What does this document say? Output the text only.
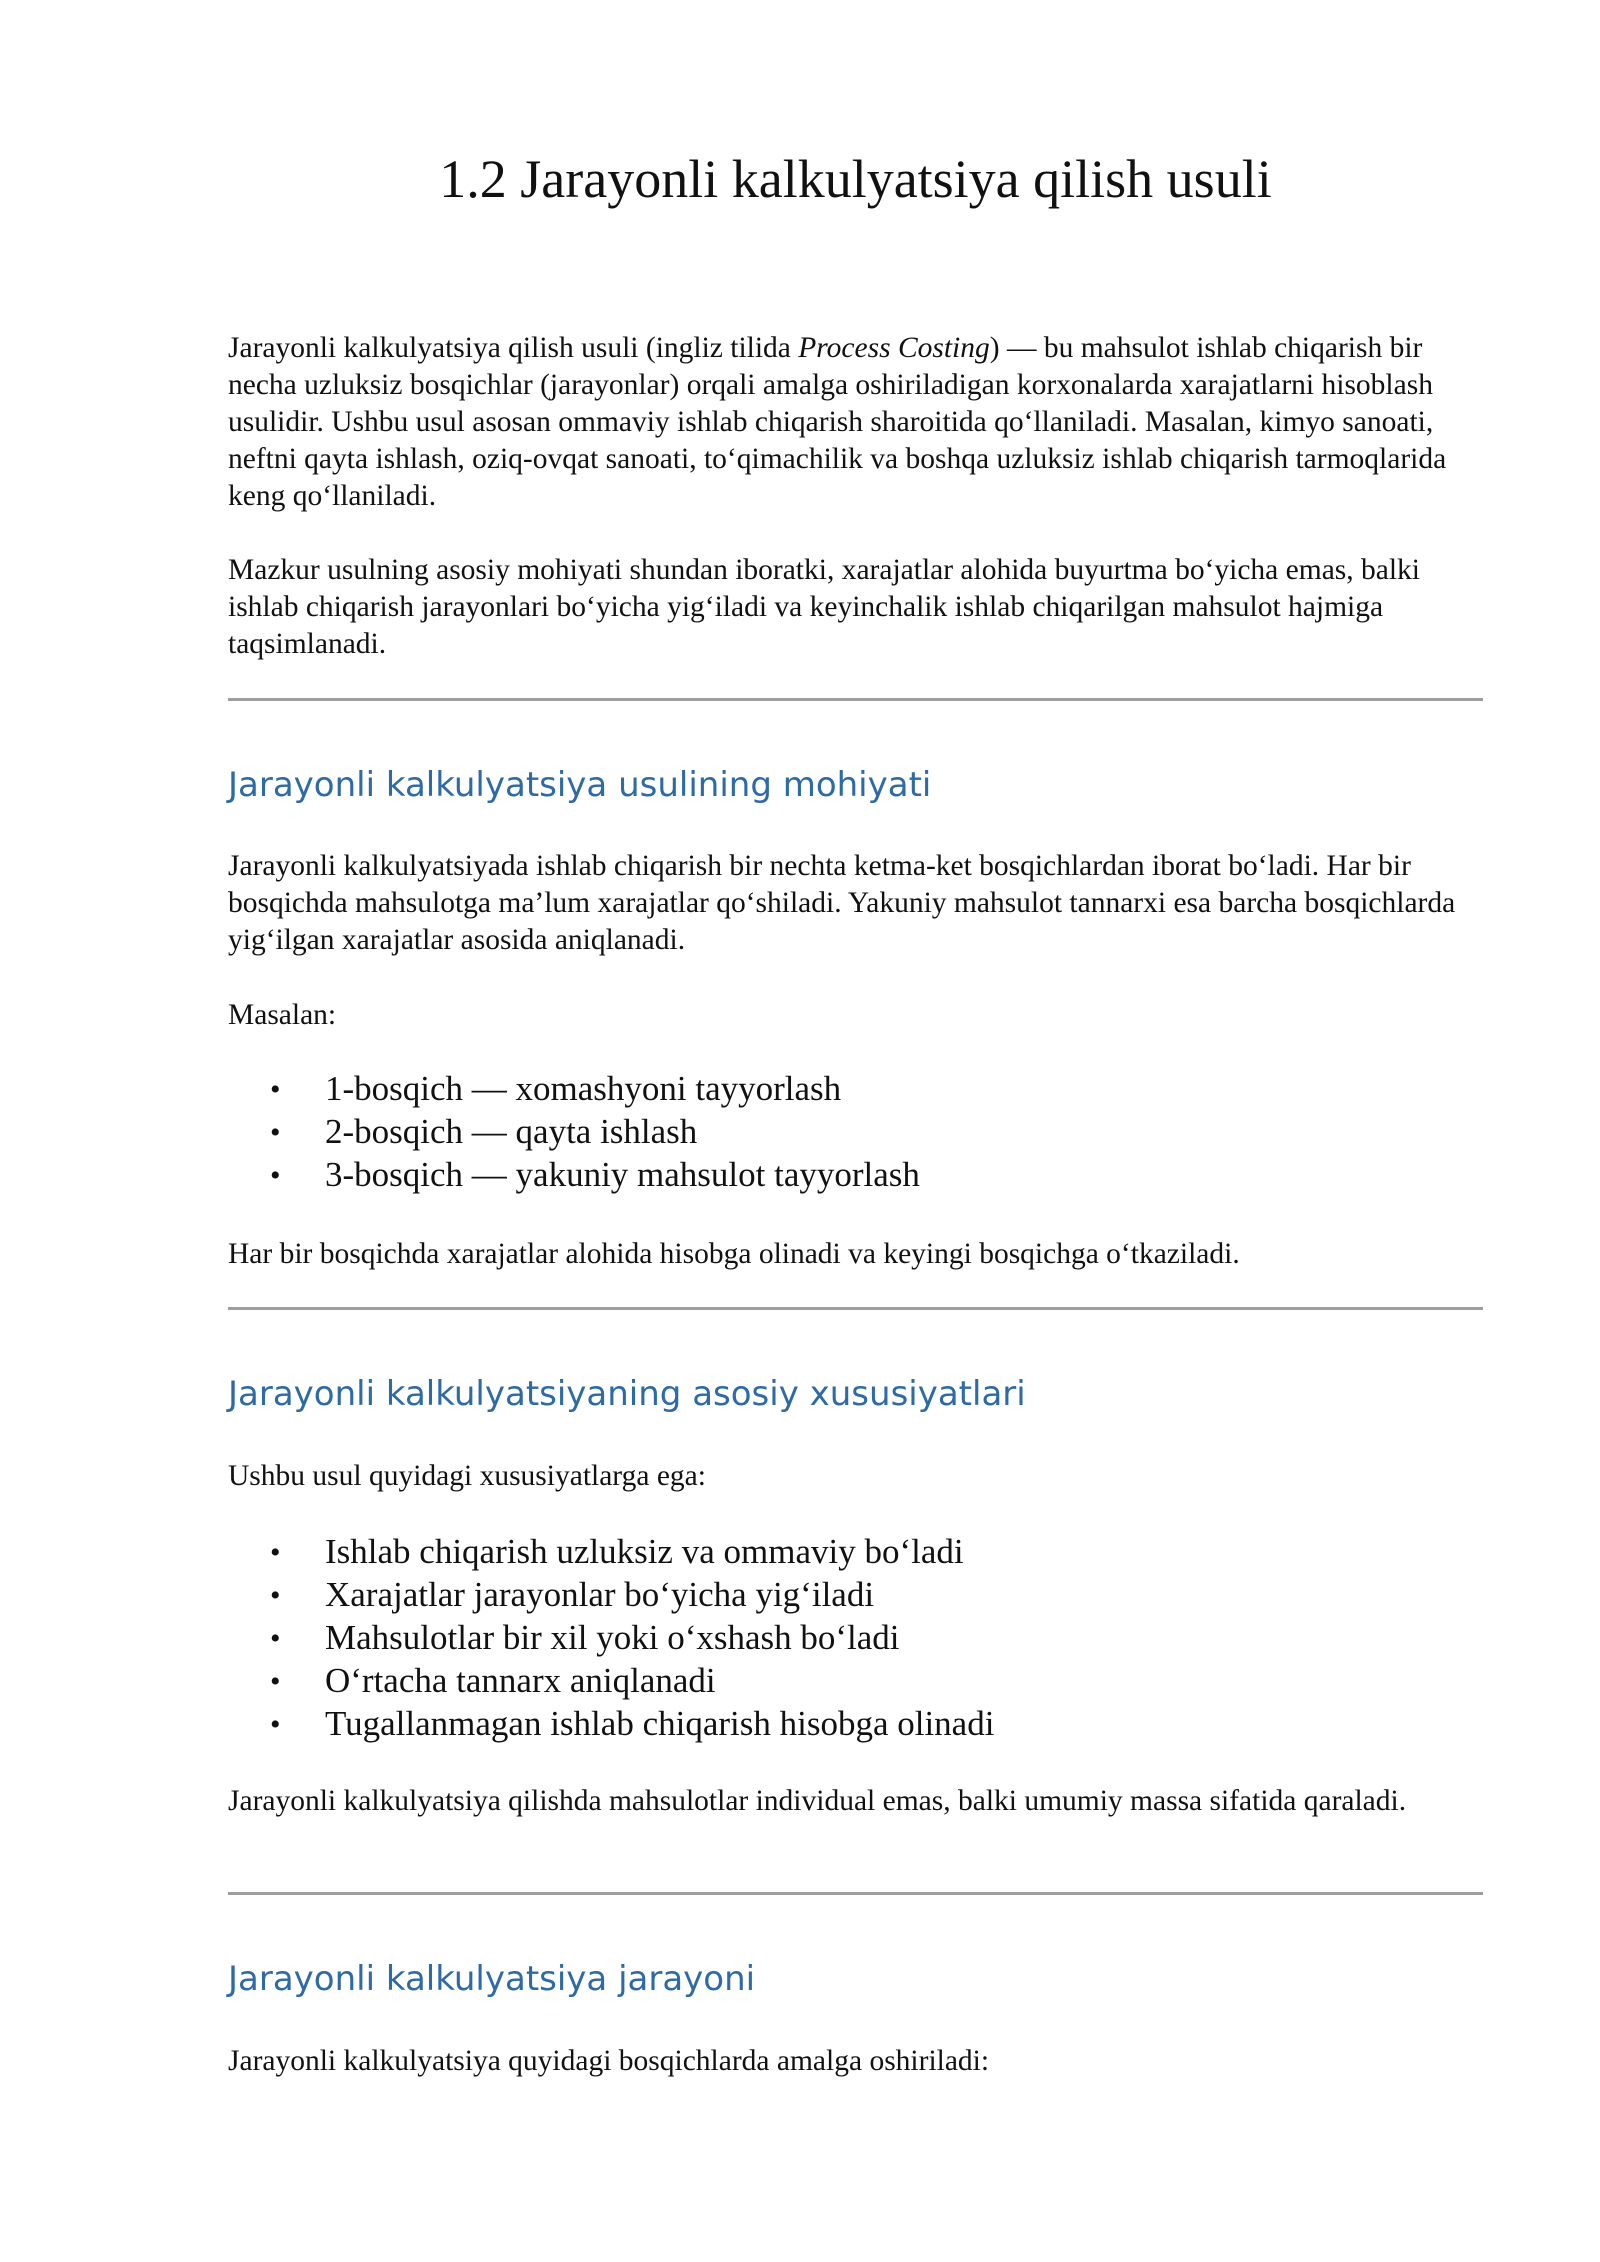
1.2 Jarayonli kalkulyatsiya qilish usuli

Jarayonli kalkulyatsiya qilish usuli (ingliz tilida Process Costing) — bu mahsulot ishlab chiqarish bir necha uzluksiz bosqichlar (jarayonlar) orqali amalga oshiriladigan korxonalarda xarajatlarni hisoblash usulidir. Ushbu usul asosan ommaviy ishlab chiqarish sharoitida qo‘llaniladi. Masalan, kimyo sanoati, neftni qayta ishlash, oziq-ovqat sanoati, to‘qimachilik va boshqa uzluksiz ishlab chiqarish tarmoqlarida keng qo‘llaniladi.

Mazkur usulning asosiy mohiyati shundan iboratki, xarajatlar alohida buyurtma bo‘yicha emas, balki ishlab chiqarish jarayonlari bo‘yicha yig‘iladi va keyinchalik ishlab chiqarilgan mahsulot hajmiga taqsimlanadi.

Jarayonli kalkulyatsiya usulining mohiyati

Jarayonli kalkulyatsiyada ishlab chiqarish bir nechta ketma-ket bosqichlardan iborat bo‘ladi. Har bir bosqichda mahsulotga ma’lum xarajatlar qo‘shiladi. Yakuniy mahsulot tannarxi esa barcha bosqichlarda yig‘ilgan xarajatlar asosida aniqlanadi.

Masalan:

• 1-bosqich — xomashyoni tayyorlash
• 2-bosqich — qayta ishlash
• 3-bosqich — yakuniy mahsulot tayyorlash

Har bir bosqichda xarajatlar alohida hisobga olinadi va keyingi bosqichga o‘tkaziladi.

Jarayonli kalkulyatsiyaning asosiy xususiyatlari

Ushbu usul quyidagi xususiyatlarga ega:

• Ishlab chiqarish uzluksiz va ommaviy bo‘ladi
• Xarajatlar jarayonlar bo‘yicha yig‘iladi
• Mahsulotlar bir xil yoki o‘xshash bo‘ladi
• O‘rtacha tannarx aniqlanadi
• Tugallanmagan ishlab chiqarish hisobga olinadi

Jarayonli kalkulyatsiya qilishda mahsulotlar individual emas, balki umumiy massa sifatida qaraladi.

Jarayonli kalkulyatsiya jarayoni

Jarayonli kalkulyatsiya quyidagi bosqichlarda amalga oshiriladi:
